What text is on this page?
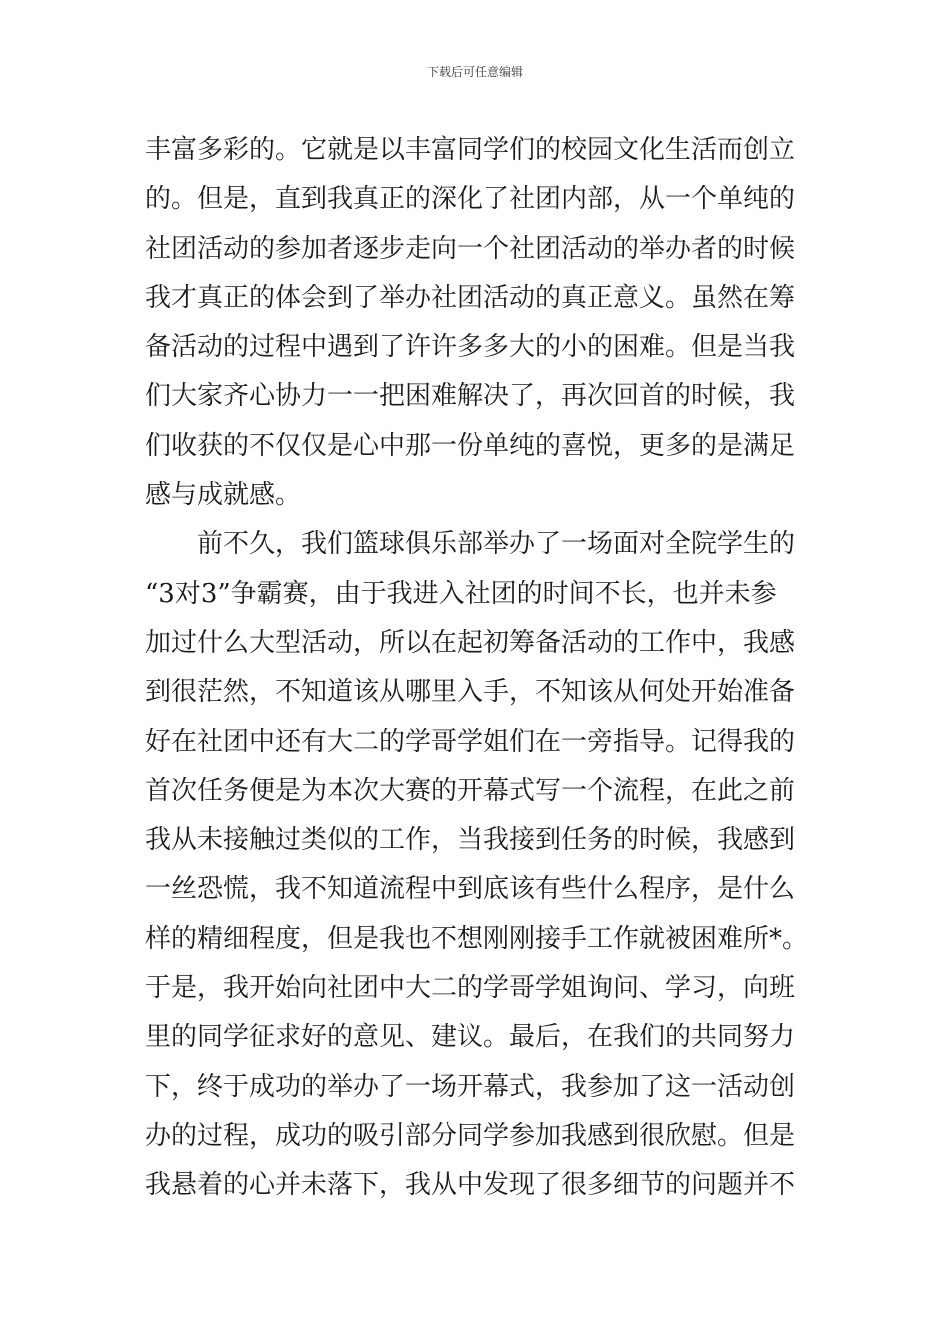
下载后可任意编辑
丰富多彩的。它就是以丰富同学们的校园文化生活而创立
的。但是，直到我真正的深化了社团内部，从一个单纯的
社团活动的参加者逐步走向一个社团活动的举办者的时候
我才真正的体会到了举办社团活动的真正意义。虽然在筹
备活动的过程中遇到了许许多多大的小的困难。但是当我
们大家齐心协力一一把困难解决了，再次回首的时候，我
们收获的不仅仅是心中那一份单纯的喜悦，更多的是满足
感与成就感。
前不久，我们篮球俱乐部举办了一场面对全院学生的
“3对3”争霸赛，由于我进入社团的时间不长，也并未参
加过什么大型活动，所以在起初筹备活动的工作中，我感
到很茫然，不知道该从哪里入手，不知该从何处开始准备
好在社团中还有大二的学哥学姐们在一旁指导。记得我的
首次任务便是为本次大赛的开幕式写一个流程，在此之前
我从未接触过类似的工作，当我接到任务的时候，我感到
一丝恐慌，我不知道流程中到底该有些什么程序，是什么
样的精细程度，但是我也不想刚刚接手工作就被困难所*。
于是，我开始向社团中大二的学哥学姐询问、学习，向班
里的同学征求好的意见、建议。最后，在我们的共同努力
下，终于成功的举办了一场开幕式，我参加了这一活动创
办的过程，成功的吸引部分同学参加我感到很欣慰。但是
我悬着的心并未落下，我从中发现了很多细节的问题并不
